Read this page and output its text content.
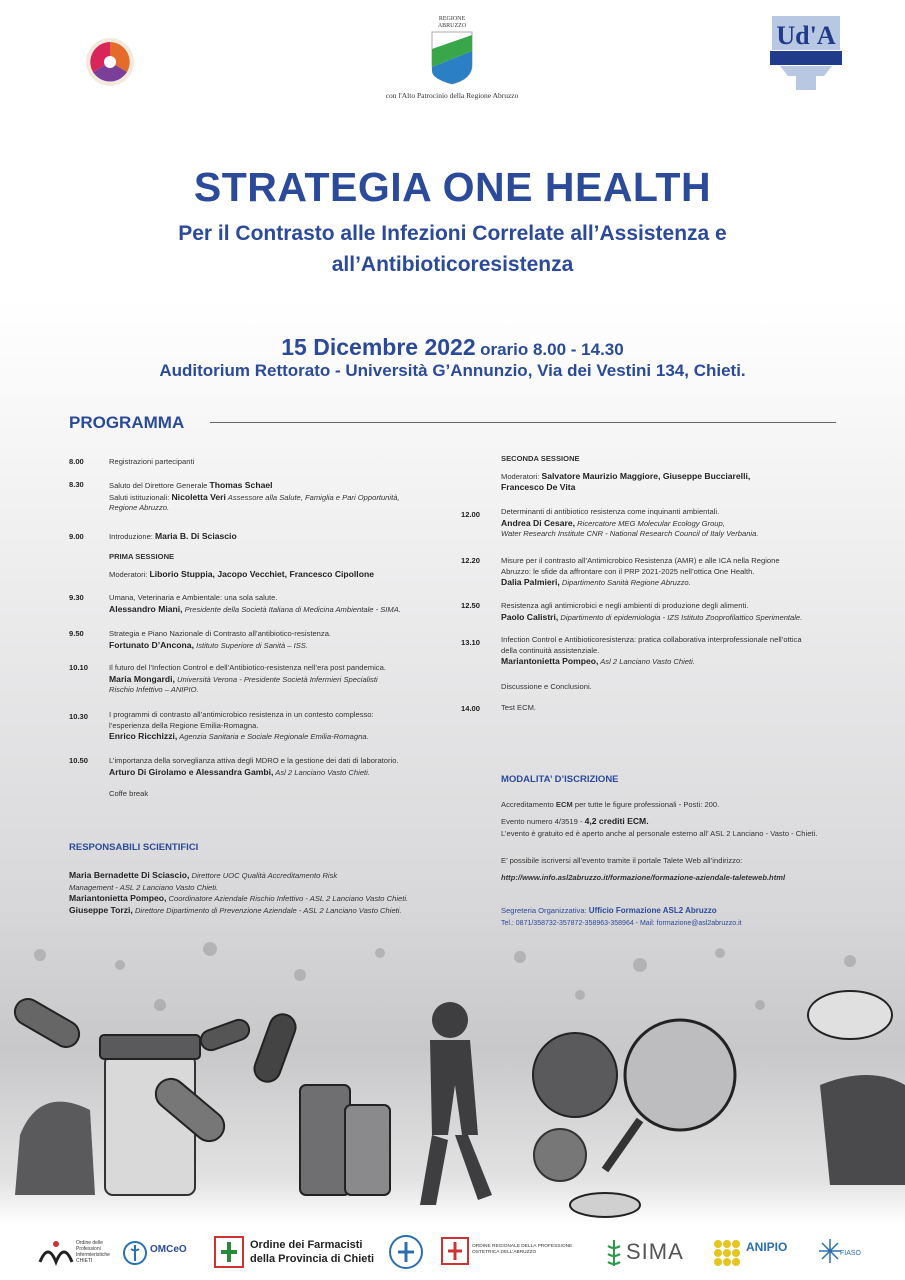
REGIONE
ABRUZZO
con l'Alto Patrocinio della Regione Abruzzo
Ud'A
STRATEGIA ONE HEALTH
Per il Contrasto alle Infezioni Correlate all’Assistenza e all’Antibioticoresistenza
15 Dicembre 2022 orario 8.00 - 14.30
Auditorium Rettorato - Università G’Annunzio, Via dei Vestini 134, Chieti.
PROGRAMMA
8.00	Registrazioni partecipanti
8.30	Saluto del Direttore Generale Thomas Schael
Saluti istituzionali: Nicoletta Veri Assessore alla Salute, Famiglia e Pari Opportunità,
Regione Abruzzo.
9.00	Introduzione: Maria B. Di Sciascio
PRIMA SESSIONE

Moderatori: Liborio Stuppia, Jacopo Vecchiet, Francesco Cipollone
9.30	Umana, Veterinaria e Ambientale: una sola salute.
Alessandro Miani, Presidente della Società Italiana di Medicina Ambientale - SIMA.
9.50	Strategia e Piano Nazionale di Contrasto all’antibiotico-resistenza.
Fortunato D’Ancona, Istituto Superiore di Sanità – ISS.
10.10	Il futuro del l’Infection Control e dell’Antibiotico-resistenza nell’era post pandemica.
Maria Mongardi, Università Verona - Presidente Società Infermieri Specialisti
Rischio Infettivo – ANIPIO.
10.30	I programmi di contrasto all’antimicrobico resistenza in un contesto complesso:
l’esperienza della Regione Emilia-Romagna.
Enrico Ricchizzi, Agenzia Sanitaria e Sociale Regionale Emilia-Romagna.
10.50	L’importanza della sorveglianza attiva degli MDRO e la gestione dei dati di laboratorio.
Arturo Di Girolamo e Alessandra Gambi, Asl 2 Lanciano Vasto Chieti.
Coffe break
RESPONSABILI SCIENTIFICI
Maria Bernadette Di Sciascio, Direttore UOC Qualità Accreditamento Risk
Management - ASL 2 Lanciano Vasto Chieti.
Mariantonietta Pompeo, Coordinatore Aziendale Rischio Infettivo - ASL 2 Lanciano Vasto Chieti.
Giuseppe Torzi, Direttore Dipartimento di Prevenzione Aziendale - ASL 2 Lanciano Vasto Chieti.
SECONDA SESSIONE

Moderatori: Salvatore Maurizio Maggiore, Giuseppe Bucciarelli,
Francesco De Vita
12.00	Determinanti di antibiotico resistenza come inquinanti ambientali.
Andrea Di Cesare, Ricercatore MEG Molecular Ecology Group,
Water Research Institute CNR - National Research Council of Italy Verbania.
12.20	Misure per il contrasto all’Antimicrobico Resistenza (AMR) e alle ICA nella Regione
Abruzzo: le sfide da affrontare con il PRP 2021-2025 nell’ottica One Health.
Dalia Palmieri, Dipartimento Sanità Regione Abruzzo.
12.50	Resistenza agli antimicrobici e negli ambienti di produzione degli alimenti.
Paolo Calistri, Dipartimento di epidemiologia - IZS Istituto Zooprofilattico Sperimentale.
13.10	Infection Control e Antibioticoresistenza: pratica collaborativa interprofessionale nell’ottica
della continuità assistenziale.
Mariantonietta Pompeo, Asl 2 Lanciano Vasto Chieti.
Discussione e Conclusioni.
14.00	Test ECM.
MODALITA’ D’ISCRIZIONE
Accreditamento ECM per tutte le figure professionali - Posti: 200.
Evento numero 4/3519 - 4,2 crediti ECM.
L’evento è gratuito ed è aperto anche al personale esterno all’ ASL 2 Lanciano - Vasto - Chieti.
E’ possibile iscriversi all’evento tramite il portale Talete Web all’indirizzo:
http://www.info.asl2abruzzo.it/formazione/formazione-aziendale-taleteweb.html
Segreteria Organizzativa: Ufficio Formazione ASL2 Abruzzo
Tel.: 0871/358732-357872-358963-358964 - Mail: formazione@asl2abruzzo.it
Ordine delle Professioni Infermieristiche CHIETI
OMCeO	Ordine dei Farmacisti
della Provincia di Chieti
ORDINE REGIONALE DELLA PROFESSIONE OSTETRICA DELL’ABRUZZO	SIMA	ANIPIO	FIASO
